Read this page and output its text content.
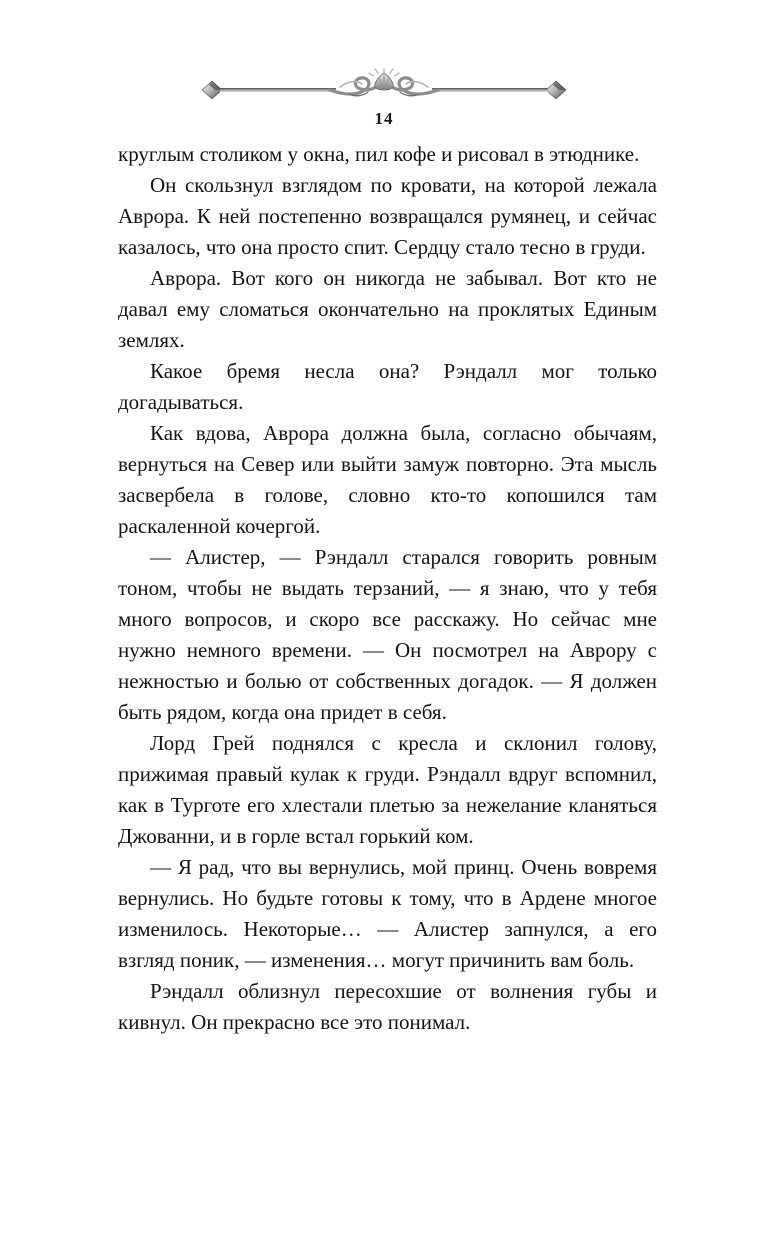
14

круглым столиком у окна, пил кофе и рисовал в этюднике.

Он скользнул взглядом по кровати, на которой лежала Аврора. К ней постепенно возвращался румянец, и сейчас казалось, что она просто спит. Сердцу стало тесно в груди.

Аврора. Вот кого он никогда не забывал. Вот кто не давал ему сломаться окончательно на проклятых Единым землях.

Какое бремя несла она? Рэндалл мог только догадываться.

Как вдова, Аврора должна была, согласно обычаям, вернуться на Север или выйти замуж повторно. Эта мысль засвербела в голове, словно кто-то копошился там раскаленной кочергой.

— Алистер, — Рэндалл старался говорить ровным тоном, чтобы не выдать терзаний, — я знаю, что у тебя много вопросов, и скоро все расскажу. Но сейчас мне нужно немного времени. — Он посмотрел на Аврору с нежностью и болью от собственных догадок. — Я должен быть рядом, когда она придет в себя.

Лорд Грей поднялся с кресла и склонил голову, прижимая правый кулак к груди. Рэндалл вдруг вспомнил, как в Турготе его хлестали плетью за нежелание кланяться Джованни, и в горле встал горький ком.

— Я рад, что вы вернулись, мой принц. Очень вовремя вернулись. Но будьте готовы к тому, что в Ардене многое изменилось. Некоторые… — Алистер запнулся, а его взгляд поник, — изменения… могут причинить вам боль.

Рэндалл облизнул пересохшие от волнения губы и кивнул. Он прекрасно все это понимал.
